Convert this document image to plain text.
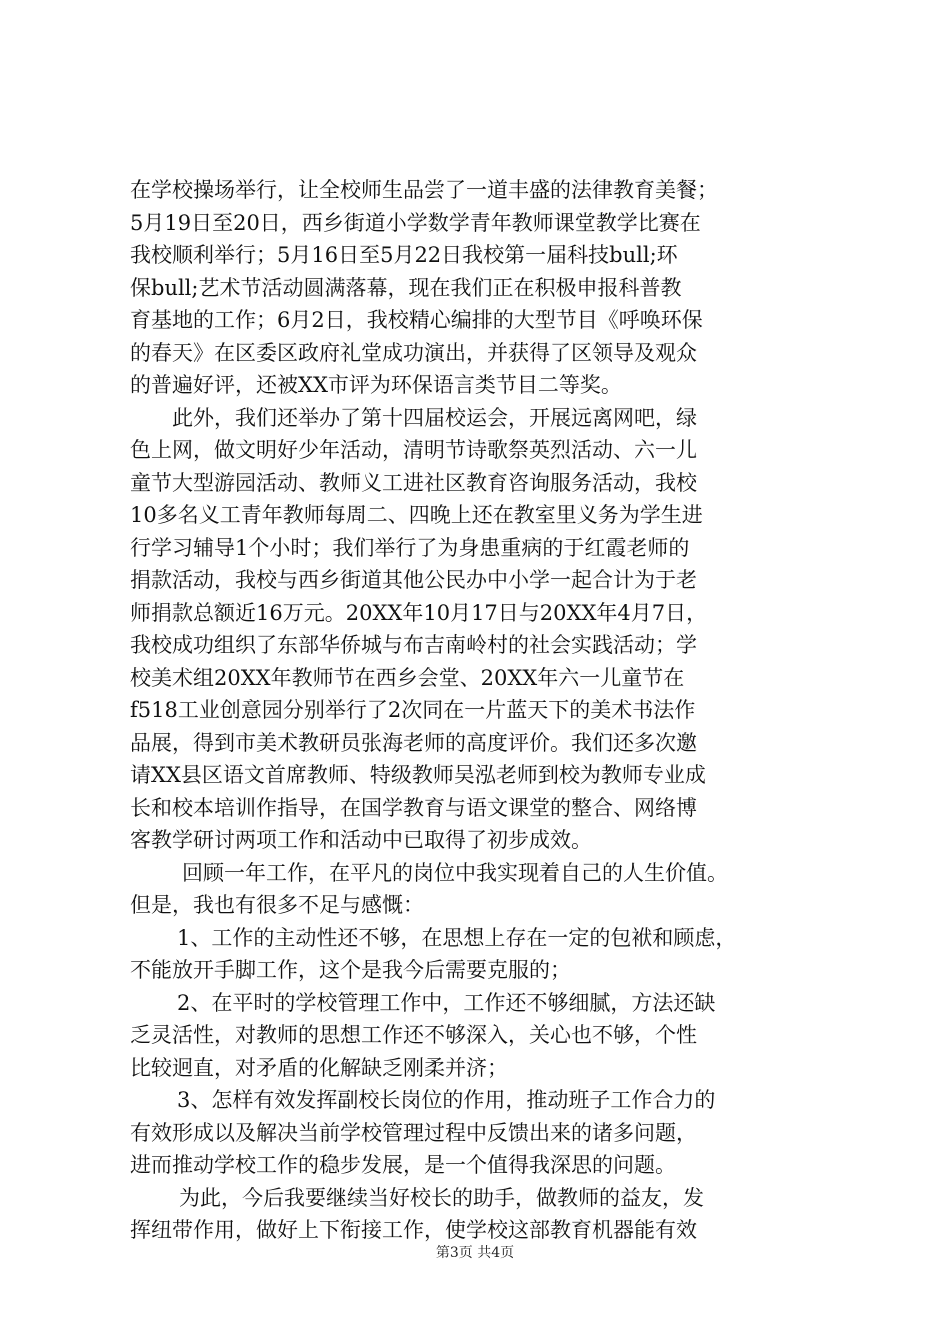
在学校操场举行，让全校师生品尝了一道丰盛的法律教育美餐；
5月19日至20日，西乡街道小学数学青年教师课堂教学比赛在
我校顺利举行；5月16日至5月22日我校第一届科技bull;环
保bull;艺术节活动圆满落幕，现在我们正在积极申报科普教
育基地的工作；6月2日，我校精心编排的大型节目《呼唤环保
的春天》在区委区政府礼堂成功演出，并获得了区领导及观众
的普遍好评，还被XX市评为环保语言类节目二等奖。
此外，我们还举办了第十四届校运会，开展远离网吧，绿
色上网，做文明好少年活动，清明节诗歌祭英烈活动、六一儿
童节大型游园活动、教师义工进社区教育咨询服务活动，我校
10多名义工青年教师每周二、四晚上还在教室里义务为学生进
行学习辅导1个小时；我们举行了为身患重病的于红霞老师的
捐款活动，我校与西乡街道其他公民办中小学一起合计为于老
师捐款总额近16万元。20XX年10月17日与20XX年4月7日，
我校成功组织了东部华侨城与布吉南岭村的社会实践活动；学
校美术组20XX年教师节在西乡会堂、20XX年六一儿童节在
f518工业创意园分别举行了2次同在一片蓝天下的美术书法作
品展，得到市美术教研员张海老师的高度评价。我们还多次邀
请XX县区语文首席教师、特级教师吴泓老师到校为教师专业成
长和校本培训作指导，在国学教育与语文课堂的整合、网络博
客教学研讨两项工作和活动中已取得了初步成效。
回顾一年工作，在平凡的岗位中我实现着自己的人生价值。
但是，我也有很多不足与感慨：
1、工作的主动性还不够，在思想上存在一定的包袱和顾虑，
不能放开手脚工作，这个是我今后需要克服的；
2、在平时的学校管理工作中，工作还不够细腻，方法还缺
乏灵活性，对教师的思想工作还不够深入，关心也不够，个性
比较迥直，对矛盾的化解缺乏刚柔并济；
3、怎样有效发挥副校长岗位的作用，推动班子工作合力的
有效形成以及解决当前学校管理过程中反馈出来的诸多问题，
进而推动学校工作的稳步发展，是一个值得我深思的问题。
为此，今后我要继续当好校长的助手，做教师的益友，发
挥纽带作用，做好上下衔接工作，使学校这部教育机器能有效
第3页 共4页
